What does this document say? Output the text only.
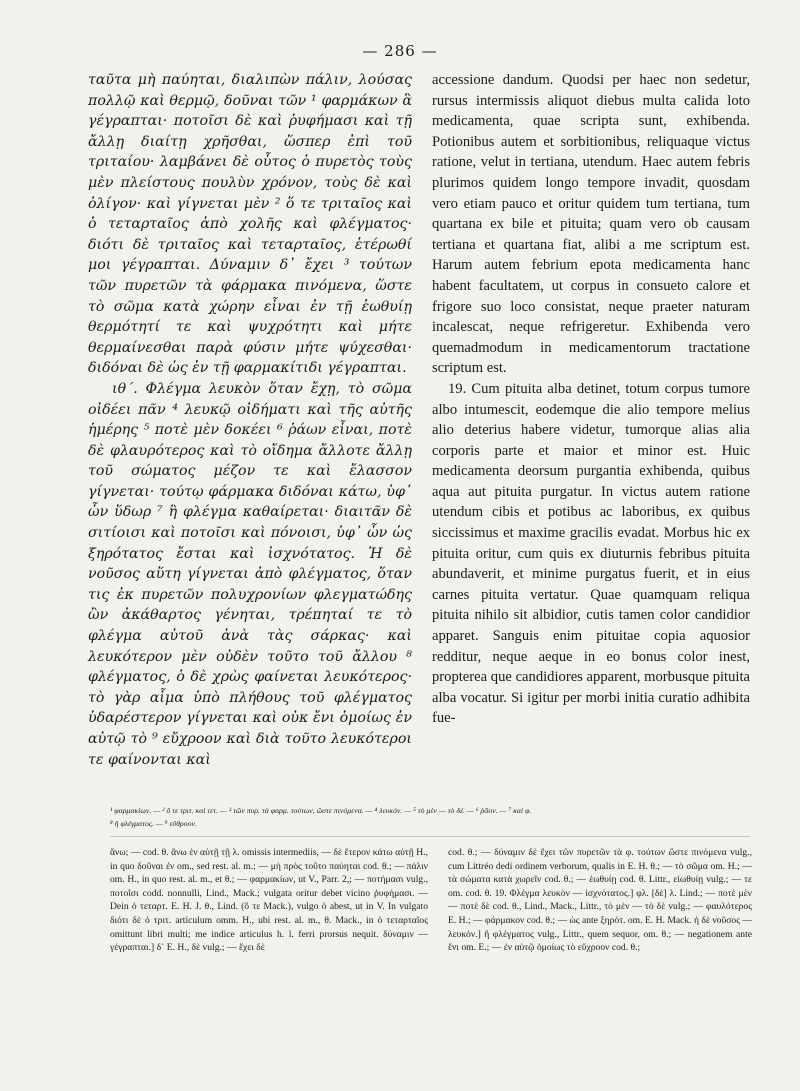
— 286 —

ταῦτα μὴ παύηται, διαλιπὼν πάλιν, λούσας πολλῷ καὶ θερμῷ, δοῦναι τῶν ¹ φαρμάκων ἃ γέγραπται· ποτοῖσι δὲ καὶ ῥυφήμασι καὶ τῇ ἄλλῃ διαίτῃ χρῆσθαι, ὥσπερ ἐπὶ τοῦ τριταίου· λαμβάνει δὲ οὗτος ὁ πυρετὸς τοὺς μὲν πλείστους πουλὺν χρόνον, τοὺς δὲ καὶ ὀλίγον· καὶ γίγνεται μὲν ² ὅ τε τριταῖος καὶ ὁ τεταρταῖος ἀπὸ χολῆς καὶ φλέγματος· διότι δὲ τριταῖος καὶ τεταρταῖος, ἑτέρωθί μοι γέγραπται. Δύναμιν δ᾽ ἔχει ³ τούτων τῶν πυρετῶν τὰ φάρμακα πινόμενα, ὥστε τὸ σῶμα κατὰ χώρην εἶναι ἐν τῇ ἑωθυίῃ θερμότητί τε καὶ ψυχρότητι καὶ μήτε θερμαίνεσθαι παρὰ φύσιν μήτε ψύχεσθαι· διδόναι δὲ ὡς ἐν τῇ φαρμακίτιδι γέγραπται.

ιθ΄. Φλέγμα λευκὸν ὅταν ἔχῃ, τὸ σῶμα οἰδέει πᾶν ⁴ λευκῷ οἰδήματι καὶ τῆς αὐτῆς ἡμέρης ⁵ ποτὲ μὲν δοκέει ⁶ ῥάων εἶναι, ποτὲ δὲ φλαυρότερος καὶ τὸ οἴδημα ἄλλοτε ἄλλῃ τοῦ σώματος μέζον τε καὶ ἔλασσον γίγνεται· τούτῳ φάρμακα διδόναι κάτω, ὑφ᾽ ὧν ὕδωρ ⁷ ἢ φλέγμα καθαίρεται· διαιτᾶν δὲ σιτίοισι καὶ ποτοῖσι καὶ πόνοισι, ὑφ᾽ ὧν ὡς ξηρότατος ἔσται καὶ ἰσχνότατος. Ἡ δὲ νοῦσος αὕτη γίγνεται ἀπὸ φλέγματος, ὅταν τις ἐκ πυρετῶν πολυχρονίων φλεγματώδης ὢν ἀκάθαρτος γένηται, τρέπηταί τε τὸ φλέγμα αὐτοῦ ἀνὰ τὰς σάρκας· καὶ λευκότερον μὲν οὐδὲν τοῦτο τοῦ ἄλλου ⁸ φλέγματος, ὁ δὲ χρὼς φαίνεται λευκότερος· τὸ γὰρ αἷμα ὑπὸ πλήθους τοῦ φλέγματος ὑδαρέστερον γίγνεται καὶ οὐκ ἔνι ὁμοίως ἐν αὐτῷ τὸ ⁹ εὔχροον καὶ διὰ τοῦτο λευκότεροι τε φαίνονται καὶ

accessione dandum. Quodsi per haec non sedetur, rursus intermissis aliquot diebus multa calida loto medicamenta, quae scripta sunt, exhibenda. Potionibus autem et sorbitionibus, reliquaque victus ratione, velut in tertiana, utendum. Haec autem febris plurimos quidem longo tempore invadit, quosdam vero etiam pauco et oritur quidem tum tertiana, tum quartana ex bile et pituita; quam vero ob causam tertiana et quartana fiat, alibi a me scriptum est. Harum autem febrium epota medicamenta hanc habent facultatem, ut corpus in consueto calore et frigore suo loco consistat, neque praeter naturam incalescat, neque refrigeretur. Exhibenda vero quemadmodum in medicamentorum tractatione scriptum est.

19. Cum pituita alba detinet, totum corpus tumore albo intumescit, eodemque die alio tempore melius alio deterius habere videtur, tumorque alias alia corporis parte et maior et minor est. Huic medicamenta deorsum purgantia exhibenda, quibus aqua aut pituita purgatur. In victus autem ratione utendum cibis et potibus ac laboribus, ex quibus siccissimus et maxime gracilis evadat. Morbus hic ex pituita oritur, cum quis ex diuturnis febribus pituita abundaverit, et minime purgatus fuerit, et in eius carnes pituita vertatur. Quae quamquam reliqua pituita nihilo sit albidior, cutis tamen color candidior apparet. Sanguis enim pituitae copia aquosior redditur, neque aeque in eo bonus color inest, propterea que candidiores apparent, morbusque pituita alba vocatur. Si igitur per morbi initia curatio adhibita fue-

¹ φαρμακίων. — ² ὅ τε τριτ. καὶ τετ. — ³ τῶν πυρ. τὰ φαρμ. τούτων, ὥστε πινόμενα. — ⁴ λευκόν. — ⁵ τὸ μὲν — τὸ δέ. — ⁶ ῥᾶον. — ⁷ καὶ φ.
⁸ ἢ φλέγματος. — ⁹ εὔθροον.
ἄνω; — cod. θ. ἄνω ἐν αὐτῇ τῇ λ. omissis intermediis, — δὲ ἕτερον κάτω αὐτῇ H., in quo δοῦναι ἐν om., sed rest. al. m.; — μὴ πρὸς τοῦτο παύηται cod. θ.; — πάλιν om. H., in quo rest. al. m., et θ.; — φαρμακίων, ut V., Parr. 2,; — ποτήμασι vulg., ποτοῖσι codd. nonnulli, Lind., Mack.; vulgata oritur debet vicino ῥυφήμασι. — Dein ὁ τεταρτ. E. H. J. θ., Lind. (ὅ τε Mack.), vulgo ὁ abest, ut in V. In vulgato διότι δὲ ὁ τριτ. articulum omm. H., ubi rest. al. m., θ. Mack., in ὁ τεταρταῖος omittunt libri multi; me indice articulus h. l. ferri prorsus nequit. δύναμιν — γέγραπται.] δ᾽ E. H., δὲ vulg.; — ἔχει δὲ
cod. θ.; — δύναμιν δὲ ἔχει τῶν πυρετῶν τὰ φ. τούτων ὥστε πινόμενα vulg., cum Littréo dedi ordinem verborum, qualis in E. H. θ.; — τὸ σῶμα om. H.; — τὰ σώματα κατὰ χωρεῖν cod. θ.; — ἑωθυίῃ cod. θ. Littr., εἰωθυίῃ vulg.; — τε om. cod. θ. 19. Φλέγμα λευκὸν — ἰσχνότατος.] φλ. [δὲ] λ. Lind.; — ποτὲ μὲν — ποτὲ δὲ cod. θ., Lind., Mack., Littr., τὸ μὲν — τὸ δὲ vulg.; — φαυλότερος E. H.; — φάρμακον cod. θ.; — ὡς ante ξηρότ. om. E. H. Mack. ἡ δὲ νοῦσος — λευκόν.] ἢ φλέγματος vulg., Littr., quem sequor, om. θ.; — negationem ante ἔνι om. E.; — ἐν αὐτῷ ὁμοίως τὸ εὔχροον cod. θ.;
